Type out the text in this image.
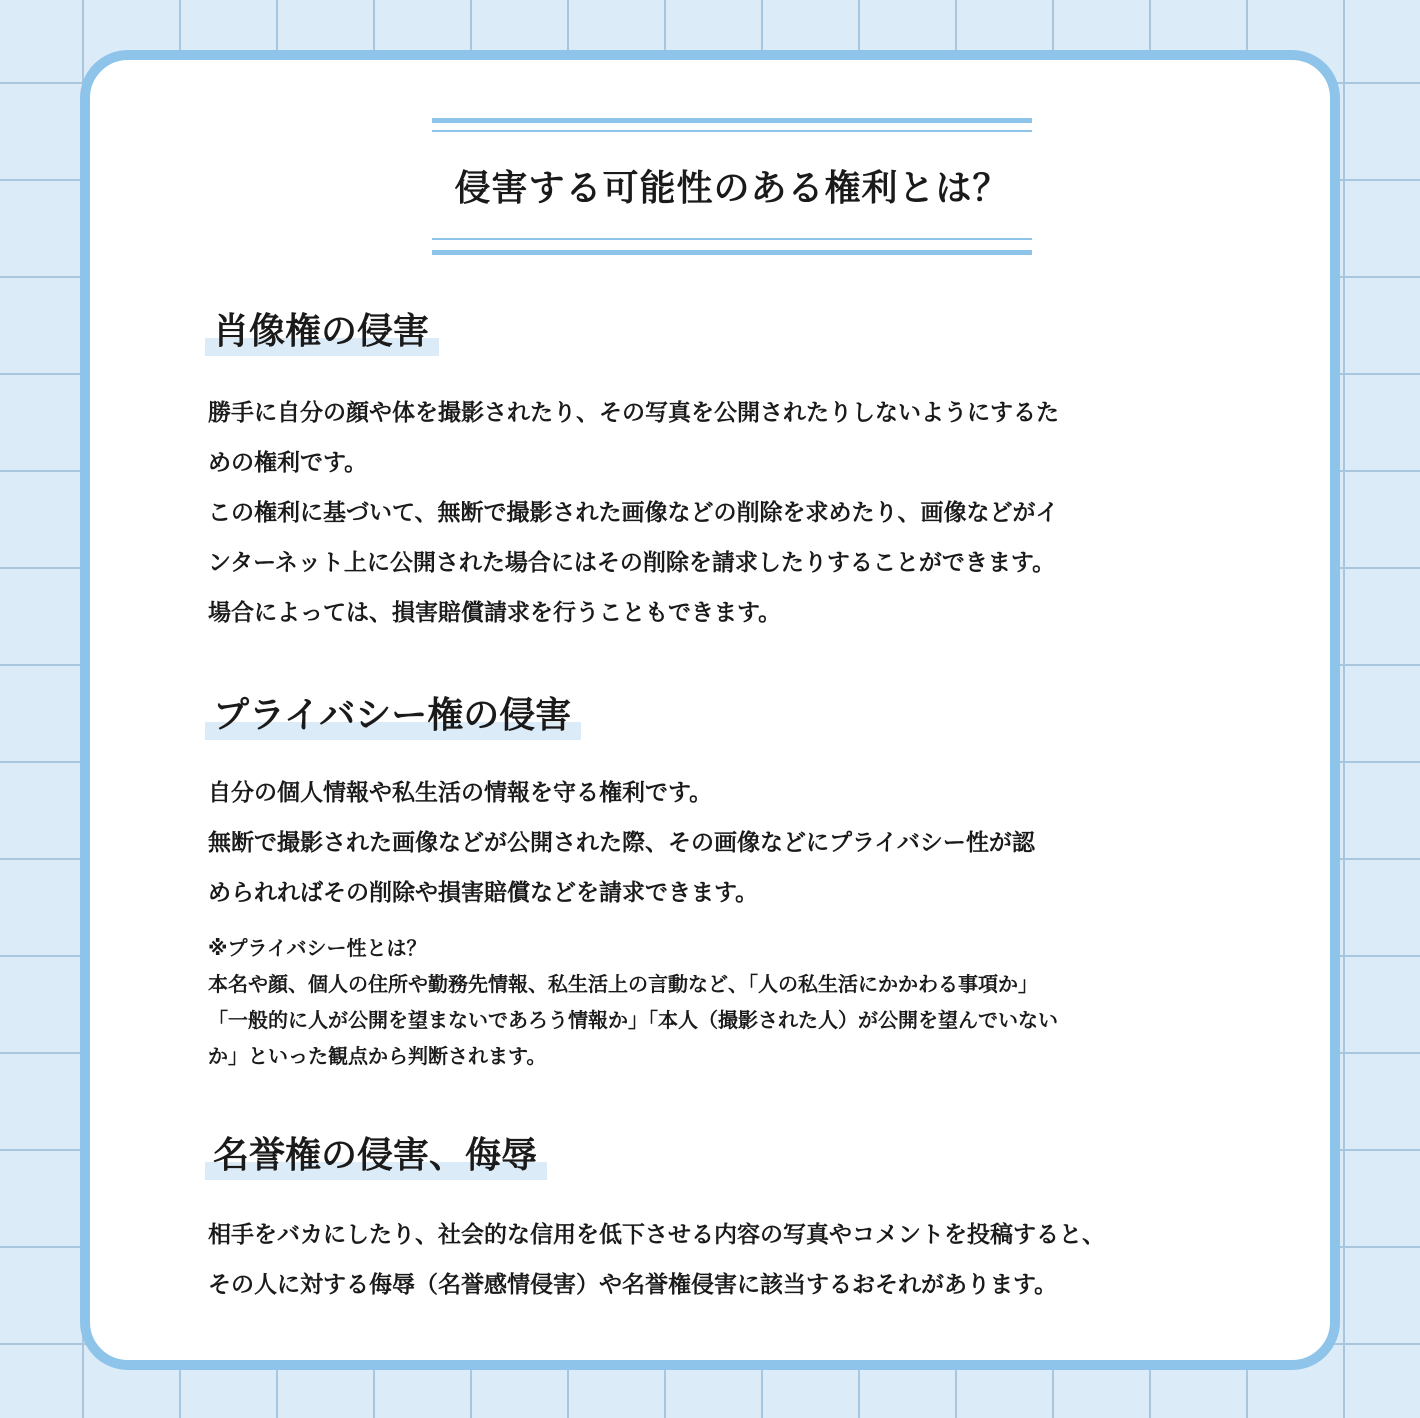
侵害する可能性のある権利とは？
肖像権の侵害
勝手に自分の顔や体を撮影されたり、その写真を公開されたりしないようにするた
めの権利です。
この権利に基づいて、無断で撮影された画像などの削除を求めたり、画像などがイ
ンターネット上に公開された場合にはその削除を請求したりすることができます。
場合によっては、損害賠償請求を行うこともできます。
プライバシー権の侵害
自分の個人情報や私生活の情報を守る権利です。
無断で撮影された画像などが公開された際、その画像などにプライバシー性が認
められればその削除や損害賠償などを請求できます。
※プライバシー性とは？
本名や顔、個人の住所や勤務先情報、私生活上の言動など、「人の私生活にかかわる事項か」
「一般的に人が公開を望まないであろう情報か」「本人（撮影された人）が公開を望んでいない
か」といった観点から判断されます。
名誉権の侵害、侮辱
相手をバカにしたり、社会的な信用を低下させる内容の写真やコメントを投稿すると、
その人に対する侮辱（名誉感情侵害）や名誉権侵害に該当するおそれがあります。
